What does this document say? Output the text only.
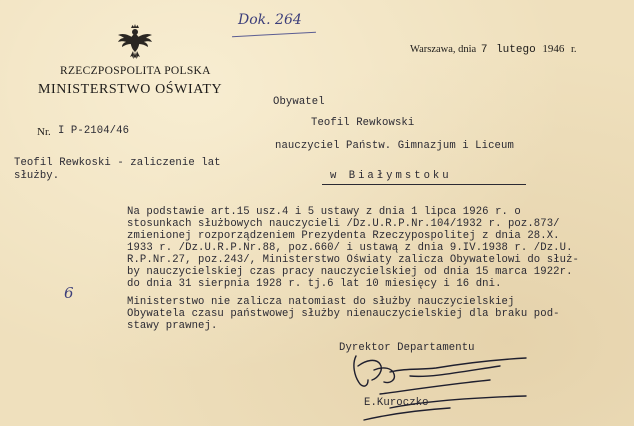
RZECZPOSPOLITA POLSKA
MINISTERSTWO OŚWIATY
Dok. 264
Warszawa, dnia 7 lutego 1946 r.
Nr. I P-2104/46
Obywatel
Teofil Rewkowski
nauczyciel Państw. Gimnazjum i Liceum
w Białymstoku
Teofil Rewkoski - zaliczenie lat
służby.
Na podstawie art.15 usz.4 i 5 ustawy z dnia 1 lipca 1926 r. o
stosunkach służbowych nauczycieli /Dz.U.R.P.Nr.104/1932 r. poz.873/
zmienionej rozporządzeniem Prezydenta Rzeczypospolitej z dnia 28.X.
1933 r. /Dz.U.R.P.Nr.88, poz.660/ i ustawą z dnia 9.IV.1938 r. /Dz.U.
R.P.Nr.27, poz.243/, Ministerstwo Oświaty zalicza Obywatelowi do służ-
by nauczycielskiej czas pracy nauczycielskiej od dnia 15 marca 1922r.
do dnia 31 sierpnia 1928 r. tj.6 lat 10 miesięcy i 16 dni.
6	Ministerstwo nie zalicza natomiast do służby nauczycielskiej
Obywatela czasu państwowej służby nienauczycielskiej dla braku pod-
stawy prawnej.
Dyrektor Departamentu
E.Kuroczko
